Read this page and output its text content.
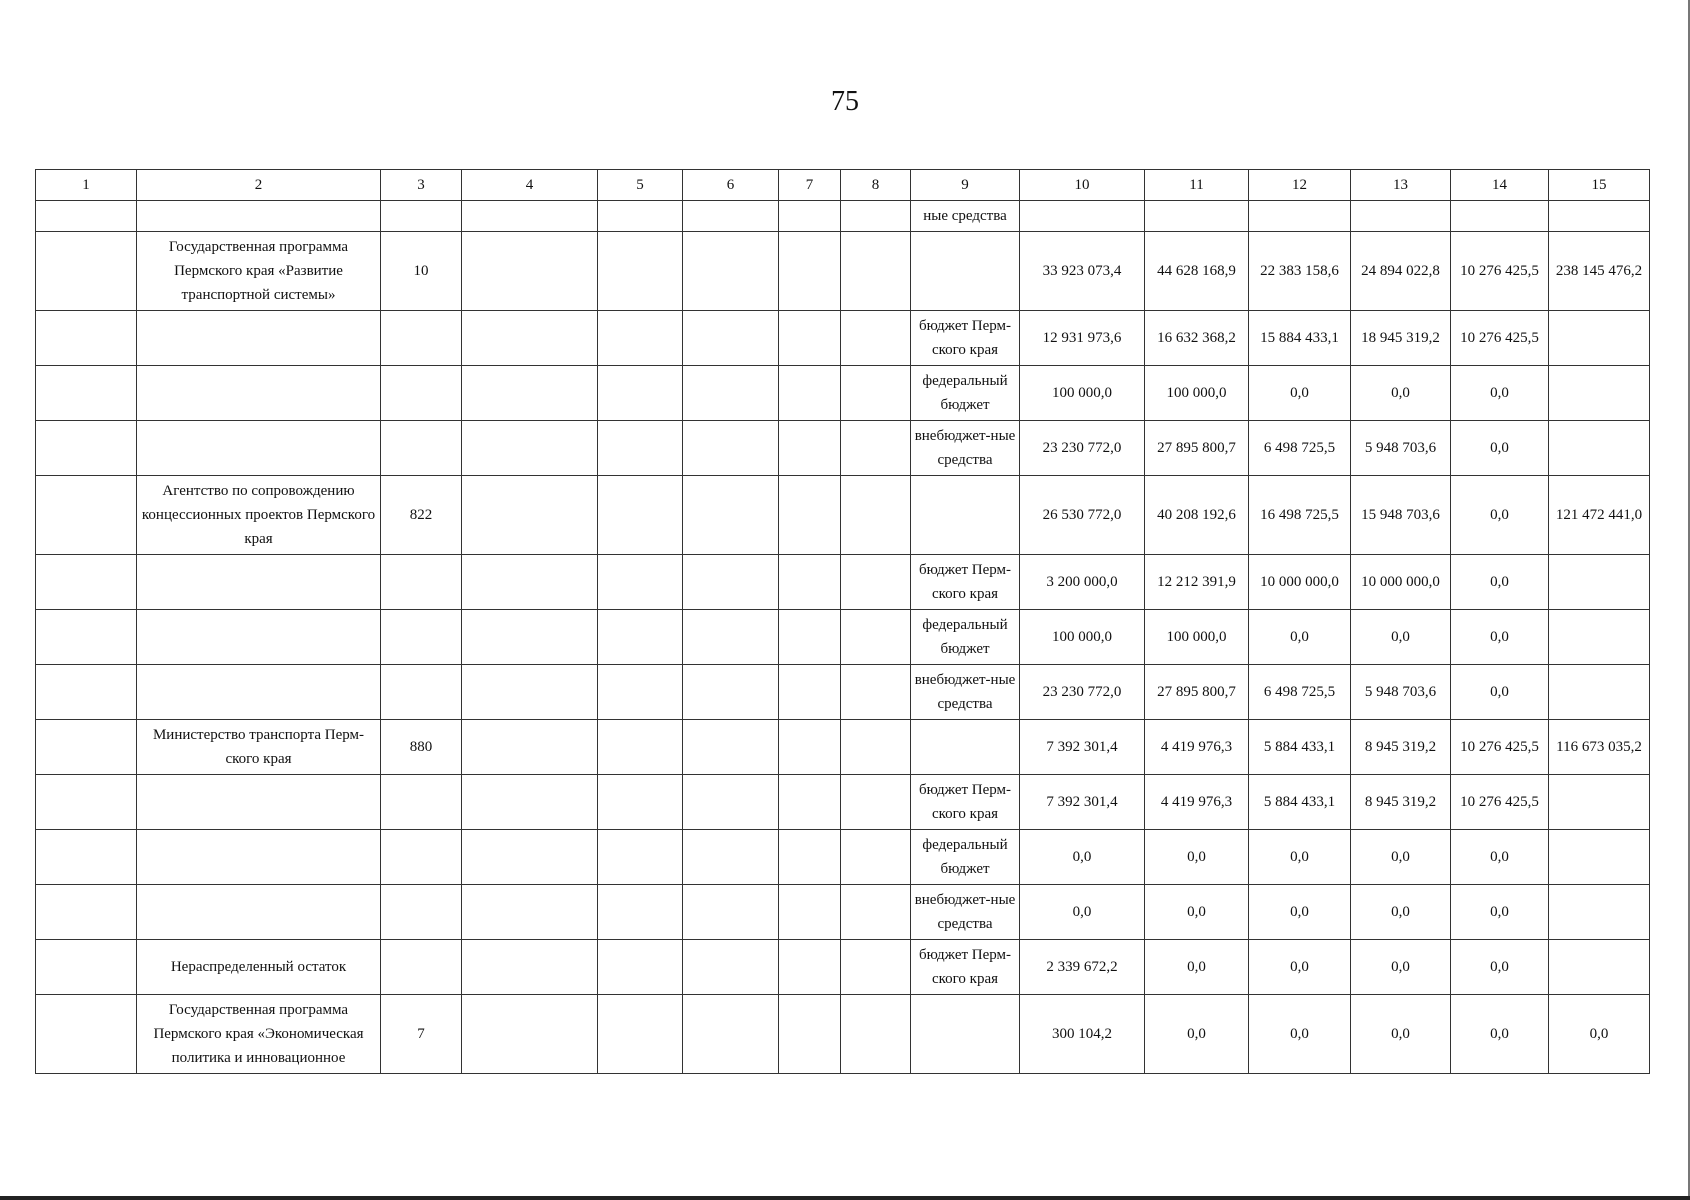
75
1	2	3	4	5	6	7	8	9	10	11	12	13	14	15
								ные средства						
	Государственная программа Пермского края «Развитие транспортной системы»	10							33 923 073,4	44 628 168,9	22 383 158,6	24 894 022,8	10 276 425,5	238 145 476,2
								бюджет Перм-ского края	12 931 973,6	16 632 368,2	15 884 433,1	18 945 319,2	10 276 425,5	
								федеральный бюджет	100 000,0	100 000,0	0,0	0,0	0,0	
								внебюджет-ные средства	23 230 772,0	27 895 800,7	6 498 725,5	5 948 703,6	0,0	
	Агентство по сопровождению концессионных проектов Пермского края	822							26 530 772,0	40 208 192,6	16 498 725,5	15 948 703,6	0,0	121 472 441,0
								бюджет Перм-ского края	3 200 000,0	12 212 391,9	10 000 000,0	10 000 000,0	0,0	
								федеральный бюджет	100 000,0	100 000,0	0,0	0,0	0,0	
								внебюджет-ные средства	23 230 772,0	27 895 800,7	6 498 725,5	5 948 703,6	0,0	
	Министерство транспорта Перм-ского края	880							7 392 301,4	4 419 976,3	5 884 433,1	8 945 319,2	10 276 425,5	116 673 035,2
								бюджет Перм-ского края	7 392 301,4	4 419 976,3	5 884 433,1	8 945 319,2	10 276 425,5	
								федеральный бюджет	0,0	0,0	0,0	0,0	0,0	
								внебюджет-ные средства	0,0	0,0	0,0	0,0	0,0	
	Нераспределенный остаток							бюджет Перм-ского края	2 339 672,2	0,0	0,0	0,0	0,0	
	Государственная программа Пермского края «Экономическая политика и инновационное	7							300 104,2	0,0	0,0	0,0	0,0	0,0
